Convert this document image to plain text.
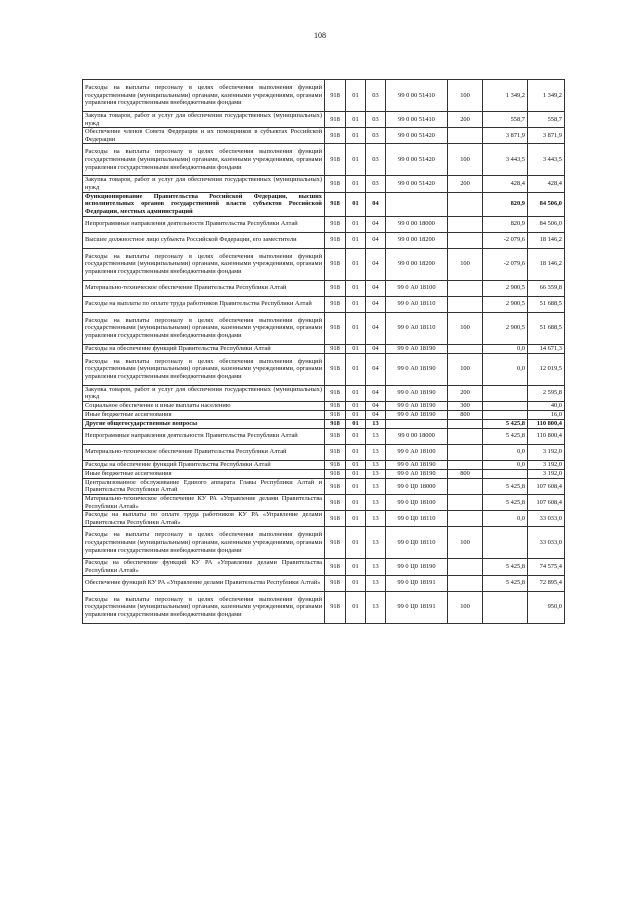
108
Расходы на выплаты персоналу в целях обеспечения выполнения функций государственными (муниципальными) органами, казенными учреждениями, органами управления государственными внебюджетными фондами	918	01	03	99 0 00 51410	100	1 349,2	1 349,2
Закупка товаров, работ и услуг для обеспечения государственных (муниципальных) нужд	918	01	03	99 0 00 51410	200	558,7	558,7
Обеспечение членов Совета Федерации и их помощников в субъектах Российской Федерации	918	01	03	99 0 00 51420		3 871,9	3 871,9
Расходы на выплаты персоналу в целях обеспечения выполнения функций государственными (муниципальными) органами, казенными учреждениями, органами управления государственными внебюджетными фондами	918	01	03	99 0 00 51420	100	3 443,5	3 443,5
Закупка товаров, работ и услуг для обеспечения государственных (муниципальных) нужд	918	01	03	99 0 00 51420	200	428,4	428,4
Функционирование Правительства Российской Федерации, высших исполнительных органов государственной власти субъектов Российской Федерации, местных администраций	918	01	04			820,9	84 506,0
Непрограммные направления деятельности Правительства Республики Алтай	918	01	04	99 0 00 18000		820,9	84 506,0
Высшее должностное лицо субъекта Российской Федерации, его заместители	918	01	04	99 0 00 18200		-2 079,6	18 146,2
Расходы на выплаты персоналу в целях обеспечения выполнения функций государственными (муниципальными) органами, казенными учреждениями, органами управления государственными внебюджетными фондами	918	01	04	99 0 00 18200	100	-2 079,6	18 146,2
Материально-техническое обеспечение Правительства Республики Алтай	918	01	04	99 0 А0 18100		2 900,5	66 359,8
Расходы на выплаты по оплате труда работников Правительства Республики Алтай	918	01	04	99 0 А0 18110		2 900,5	51 688,5
Расходы на выплаты персоналу в целях обеспечения выполнения функций государственными (муниципальными) органами, казенными учреждениями, органами управления государственными внебюджетными фондами	918	01	04	99 0 А0 18110	100	2 900,5	51 688,5
Расходы на обеспечение функций Правительства Республики Алтай	918	01	04	99 0 А0 18190		0,0	14 671,3
Расходы на выплаты персоналу в целях обеспечения выполнения функций государственными (муниципальными) органами, казенными учреждениями, органами управления государственными внебюджетными фондами	918	01	04	99 0 А0 18190	100	0,0	12 019,5
Закупка товаров, работ и услуг для обеспечения государственных (муниципальных) нужд	918	01	04	99 0 А0 18190	200		2 595,8
Социальное обеспечение и иные выплаты населению	918	01	04	99 0 А0 18190	300		40,0
Иные бюджетные ассигнования	918	01	04	99 0 А0 18190	800		16,0
Другие общегосударственные вопросы	918	01	13			5 425,8	110 800,4
Непрограммные направления деятельности Правительства Республики Алтай	918	01	13	99 0 00 18000		5 425,8	110 800,4
Материально-техническое обеспечение Правительства Республики Алтай	918	01	13	99 0 А0 18100		0,0	3 192,0
Расходы на обеспечение функций Правительства Республики Алтай	918	01	13	99 0 А0 18190		0,0	3 192,0
Иные бюджетные ассигнования	918	01	13	99 0 А0 18190	800		3 192,0
Централизованное обслуживание Единого аппарата Главы Республики Алтай и Правительства Республики Алтай	918	01	13	99 0 Ц0 18000		5 425,8	107 608,4
Материально-техническое обеспечение КУ РА «Управление делами Правительства Республики Алтай»	918	01	13	99 0 Ц0 18100		5 425,8	107 608,4
Расходы на выплаты по оплате труда работников КУ РА «Управление делами Правительства Республики Алтай»	918	01	13	99 0 Ц0 18110		0,0	33 033,0
Расходы на выплаты персоналу в целях обеспечения выполнения функций государственными (муниципальными) органами, казенными учреждениями, органами управления государственными внебюджетными фондами	918	01	13	99 0 Ц0 18110	100		33 033,0
Расходы на обеспечение функций КУ РА «Управление делами Правительства Республики Алтай»	918	01	13	99 0 Ц0 18190		5 425,8	74 575,4
Обеспечение функций КУ РА «Управление делами Правительства Республики Алтай»	918	01	13	99 0 Ц0 18191		5 425,8	72 895,4
Расходы на выплаты персоналу в целях обеспечения выполнения функций государственными (муниципальными) органами, казенными учреждениями, органами управления государственными внебюджетными фондами	918	01	13	99 0 Ц0 18191	100		950,0
